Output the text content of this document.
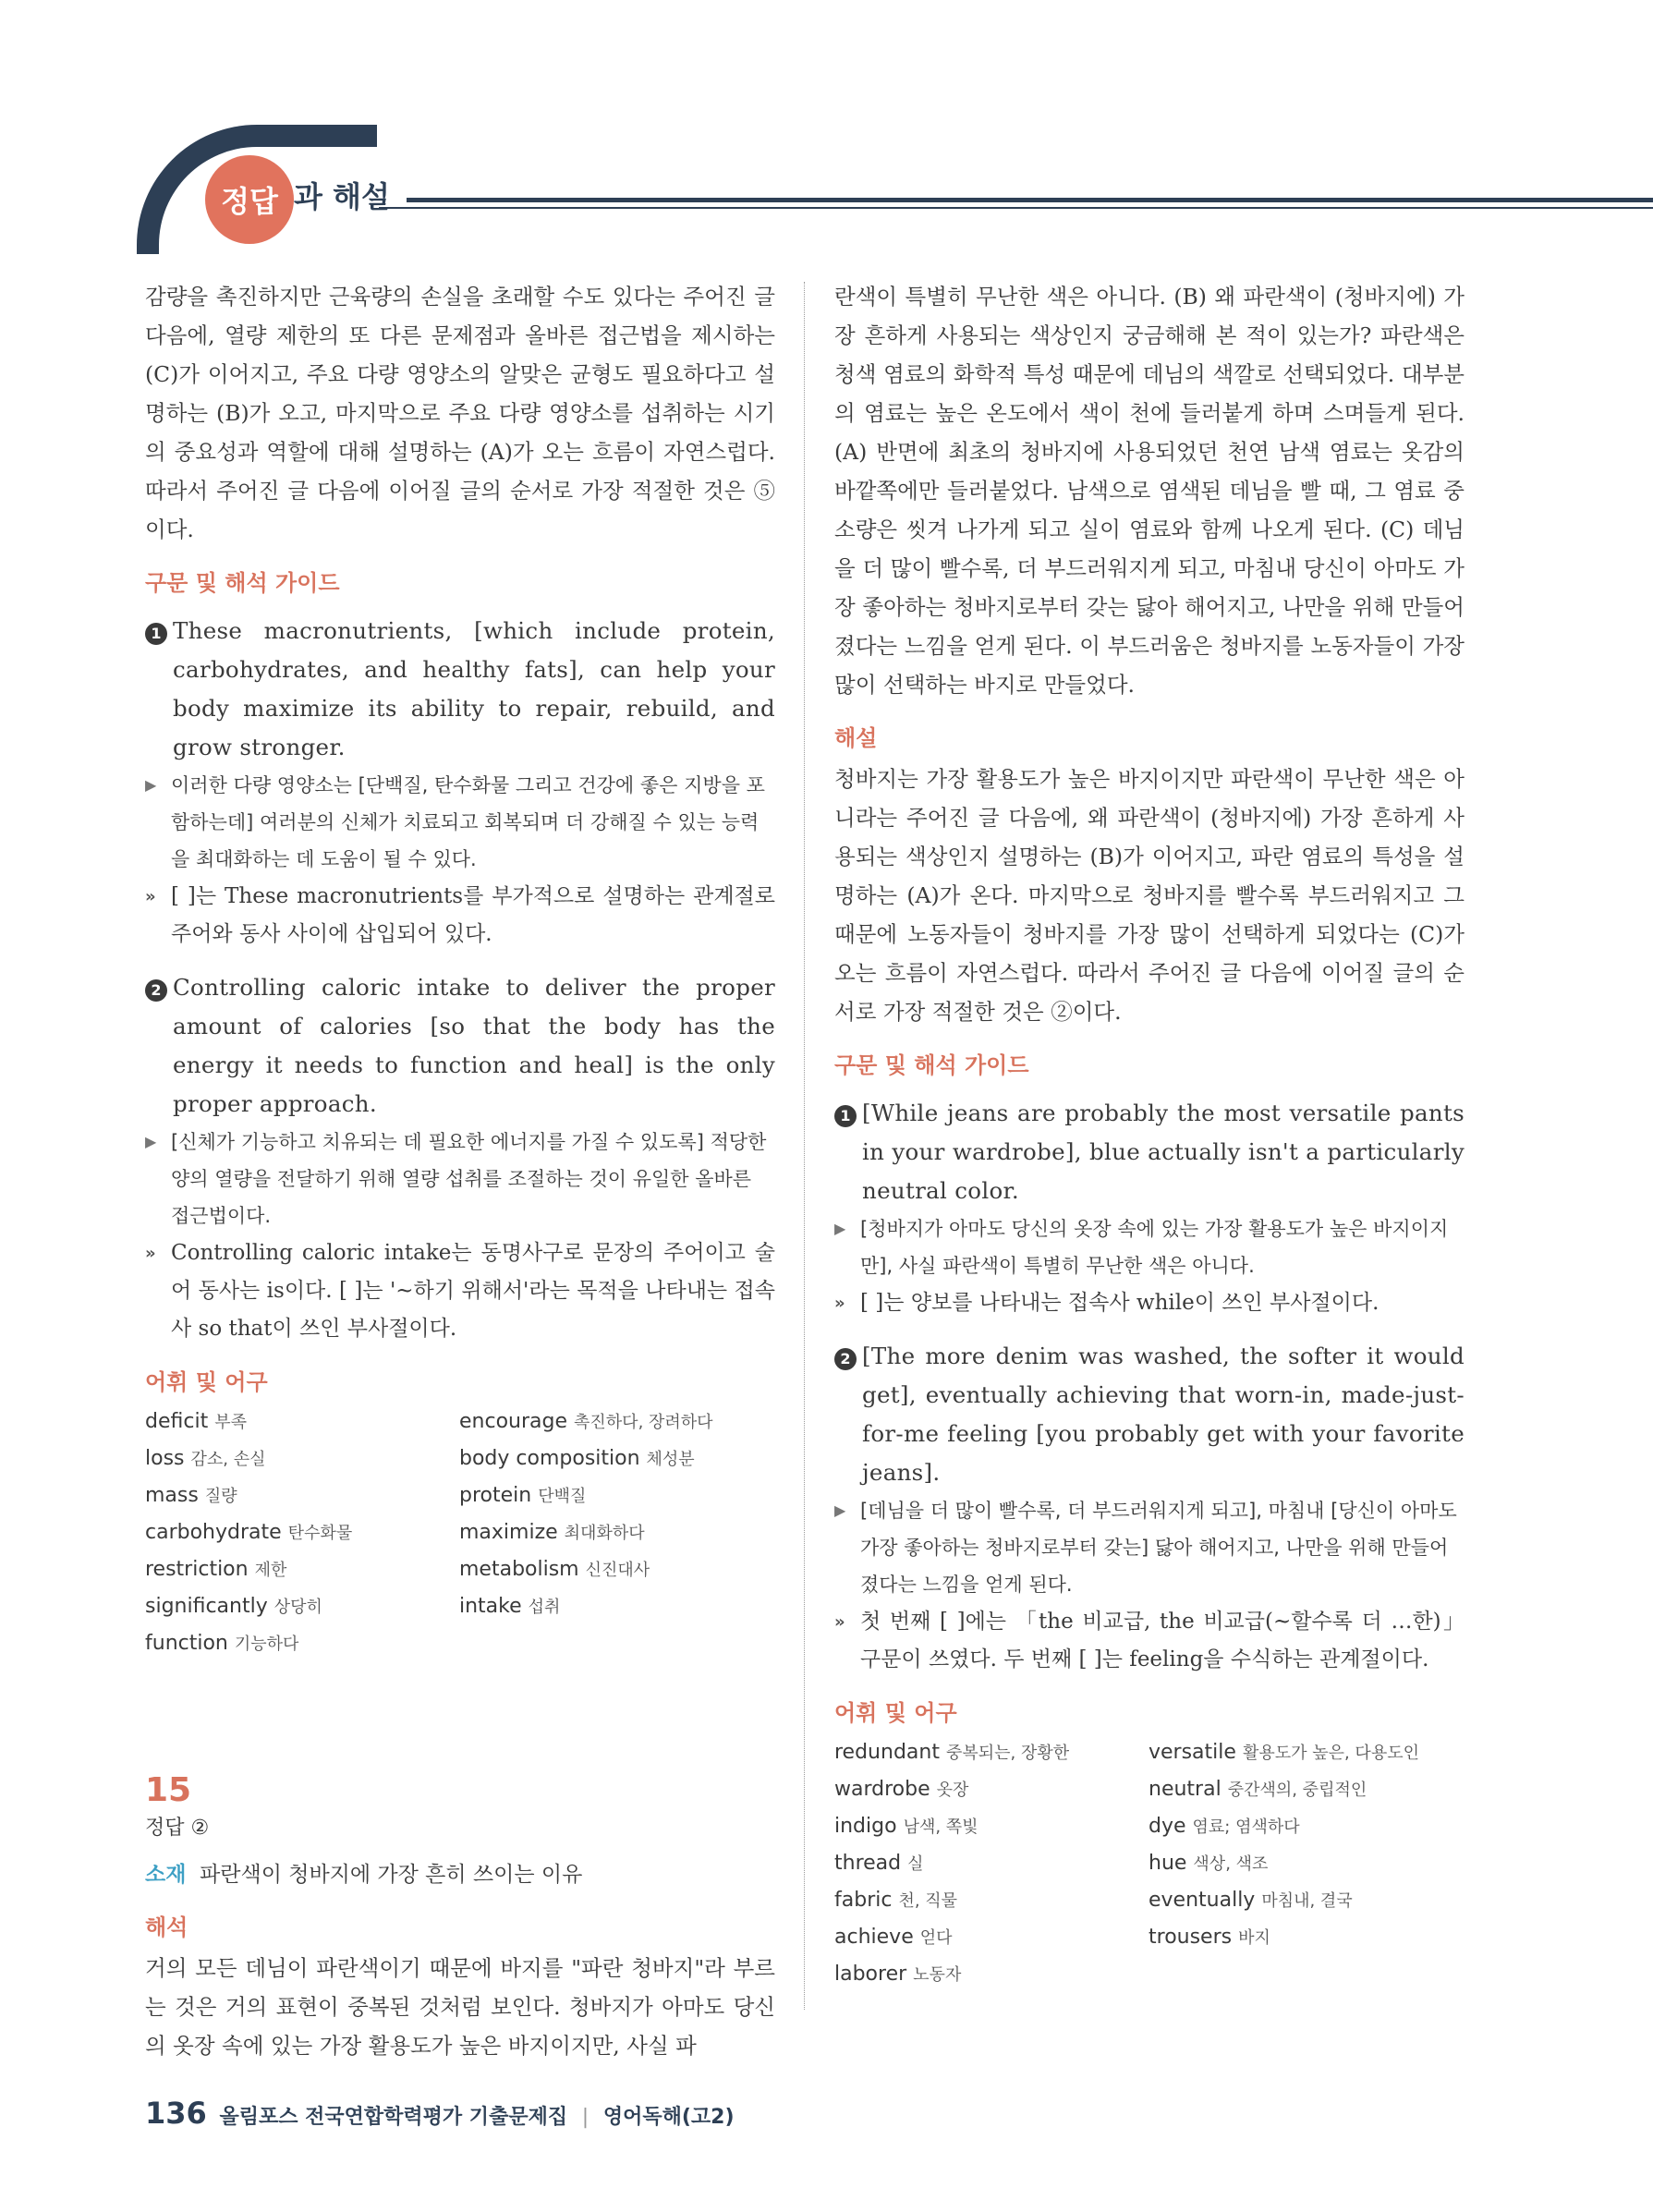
정답 과 해설

감량을 촉진하지만 근육량의 손실을 초래할 수도 있다는 주어진 글 다음에, 열량 제한의 또 다른 문제점과 올바른 접근법을 제시하는 (C)가 이어지고, 주요 다량 영양소의 알맞은 균형도 필요하다고 설명하는 (B)가 오고, 마지막으로 주요 다량 영양소를 섭취하는 시기의 중요성과 역할에 대해 설명하는 (A)가 오는 흐름이 자연스럽다. 따라서 주어진 글 다음에 이어질 글의 순서로 가장 적절한 것은 ⑤이다.

구문 및 해석 가이드
1 These macronutrients, [which include protein, carbohydrates, and healthy fats], can help your body maximize its ability to repair, rebuild, and grow stronger.
▶ 이러한 다량 영양소는 [단백질, 탄수화물 그리고 건강에 좋은 지방을 포함하는데] 여러분의 신체가 치료되고 회복되며 더 강해질 수 있는 능력을 최대화하는 데 도움이 될 수 있다.
» [ ]는 These macronutrients를 부가적으로 설명하는 관계절로 주어와 동사 사이에 삽입되어 있다.
2 Controlling caloric intake to deliver the proper amount of calories [so that the body has the energy it needs to function and heal] is the only proper approach.
▶ [신체가 기능하고 치유되는 데 필요한 에너지를 가질 수 있도록] 적당한 양의 열량을 전달하기 위해 열량 섭취를 조절하는 것이 유일한 올바른 접근법이다.
» Controlling caloric intake는 동명사구로 문장의 주어이고 술어 동사는 is이다. [ ]는 '~하기 위해서'라는 목적을 나타내는 접속사 so that이 쓰인 부사절이다.
어휘 및 어구
deficit 부족	encourage 촉진하다, 장려하다
loss 감소, 손실	body composition 체성분
mass 질량	protein 단백질
carbohydrate 탄수화물	maximize 최대화하다
restriction 제한	metabolism 신진대사
significantly 상당히	intake 섭취
function 기능하다
15
정답 ②
소재 파란색이 청바지에 가장 흔히 쓰이는 이유
해석

거의 모든 데님이 파란색이기 때문에 바지를 "파란 청바지"라 부르는 것은 거의 표현이 중복된 것처럼 보인다. 청바지가 아마도 당신의 옷장 속에 있는 가장 활용도가 높은 바지이지만, 사실 파

란색이 특별히 무난한 색은 아니다. (B) 왜 파란색이 (청바지에) 가장 흔하게 사용되는 색상인지 궁금해해 본 적이 있는가? 파란색은 청색 염료의 화학적 특성 때문에 데님의 색깔로 선택되었다. 대부분의 염료는 높은 온도에서 색이 천에 들러붙게 하며 스며들게 된다. (A) 반면에 최초의 청바지에 사용되었던 천연 남색 염료는 옷감의 바깥쪽에만 들러붙었다. 남색으로 염색된 데님을 빨 때, 그 염료 중 소량은 씻겨 나가게 되고 실이 염료와 함께 나오게 된다. (C) 데님을 더 많이 빨수록, 더 부드러워지게 되고, 마침내 당신이 아마도 가장 좋아하는 청바지로부터 갖는 닳아 해어지고, 나만을 위해 만들어졌다는 느낌을 얻게 된다. 이 부드러움은 청바지를 노동자들이 가장 많이 선택하는 바지로 만들었다.

해설

청바지는 가장 활용도가 높은 바지이지만 파란색이 무난한 색은 아니라는 주어진 글 다음에, 왜 파란색이 (청바지에) 가장 흔하게 사용되는 색상인지 설명하는 (B)가 이어지고, 파란 염료의 특성을 설명하는 (A)가 온다. 마지막으로 청바지를 빨수록 부드러워지고 그 때문에 노동자들이 청바지를 가장 많이 선택하게 되었다는 (C)가 오는 흐름이 자연스럽다. 따라서 주어진 글 다음에 이어질 글의 순서로 가장 적절한 것은 ②이다.

구문 및 해석 가이드
1 [While jeans are probably the most versatile pants in your wardrobe], blue actually isn't a particularly neutral color.
▶ [청바지가 아마도 당신의 옷장 속에 있는 가장 활용도가 높은 바지이지만], 사실 파란색이 특별히 무난한 색은 아니다.
» [ ]는 양보를 나타내는 접속사 while이 쓰인 부사절이다.
2 [The more denim was washed, the softer it would get], eventually achieving that worn-in, made-just-for-me feeling [you probably get with your favorite jeans].
▶ [데님을 더 많이 빨수록, 더 부드러워지게 되고], 마침내 [당신이 아마도 가장 좋아하는 청바지로부터 갖는] 닳아 해어지고, 나만을 위해 만들어졌다는 느낌을 얻게 된다.
» 첫 번째 [ ]에는 「the 비교급, the 비교급(~할수록 더 …한)」 구문이 쓰였다. 두 번째 [ ]는 feeling을 수식하는 관계절이다.
어휘 및 어구
redundant 중복되는, 장황한	versatile 활용도가 높은, 다용도인
wardrobe 옷장	neutral 중간색의, 중립적인
indigo 남색, 쪽빛	dye 염료; 염색하다
thread 실	hue 색상, 색조
fabric 천, 직물	eventually 마침내, 결국
achieve 얻다	trousers 바지
laborer 노동자
136 올림포스 전국연합학력평가 기출문제집 | 영어독해(고2)
